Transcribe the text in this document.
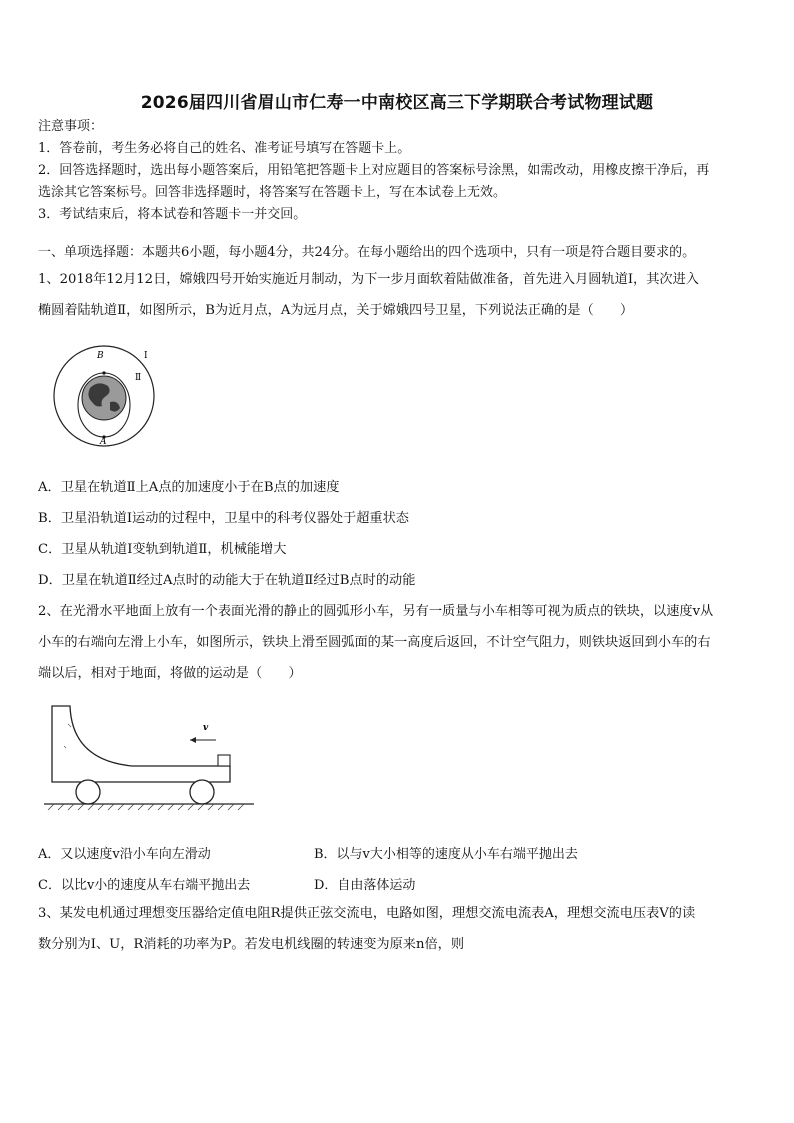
2026届四川省眉山市仁寿一中南校区高三下学期联合考试物理试题
注意事项：
1．答卷前，考生务必将自己的姓名、准考证号填写在答题卡上。
2．回答选择题时，选出每小题答案后，用铅笔把答题卡上对应题目的答案标号涂黑，如需改动，用橡皮擦干净后，再
选涂其它答案标号。回答非选择题时，将答案写在答题卡上，写在本试卷上无效。
3．考试结束后，将本试卷和答题卡一并交回。
一、单项选择题：本题共6小题，每小题4分，共24分。在每小题给出的四个选项中，只有一项是符合题目要求的。
1、2018年12月12日，嫦娥四号开始实施近月制动，为下一步月面软着陆做准备，首先进入月圆轨道Ⅰ，其次进入
椭圆着陆轨道Ⅱ，如图所示，B为近月点，A为远月点，关于嫦娥四号卫星，下列说法正确的是（　　）
B
A
Ⅰ
Ⅱ
A．卫星在轨道Ⅱ上A点的加速度小于在B点的加速度
B．卫星沿轨道Ⅰ运动的过程中，卫星中的科考仪器处于超重状态
C．卫星从轨道Ⅰ变轨到轨道Ⅱ，机械能增大
D．卫星在轨道Ⅱ经过A点时的动能大于在轨道Ⅱ经过B点时的动能
2、在光滑水平地面上放有一个表面光滑的静止的圆弧形小车，另有一质量与小车相等可视为质点的铁块，以速度v从
小车的右端向左滑上小车，如图所示，铁块上滑至圆弧面的某一高度后返回，不计空气阻力，则铁块返回到小车的右
端以后，相对于地面，将做的运动是（　　）
v
A．又以速度v沿小车向左滑动	B．以与v大小相等的速度从小车右端平抛出去
C．以比v小的速度从车右端平抛出去	D．自由落体运动
3、某发电机通过理想变压器给定值电阻R提供正弦交流电，电路如图，理想交流电流表A，理想交流电压表V的读
数分别为I、U，R消耗的功率为P。若发电机线圈的转速变为原来n倍，则
